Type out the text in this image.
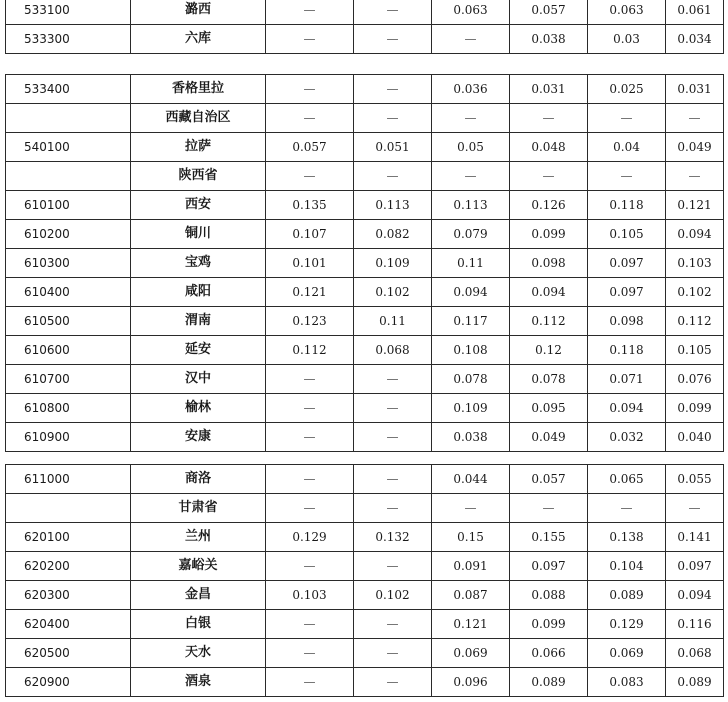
533100	潞西	—	—	0.063	0.057	0.063	0.061
533300	六库	—	—	—	0.038	0.03	0.034
533400	香格里拉	—	—	0.036	0.031	0.025	0.031
	西藏自治区	—	—	—	—	—	—
540100	拉萨	0.057	0.051	0.05	0.048	0.04	0.049
	陕西省	—	—	—	—	—	—
610100	西安	0.135	0.113	0.113	0.126	0.118	0.121
610200	铜川	0.107	0.082	0.079	0.099	0.105	0.094
610300	宝鸡	0.101	0.109	0.11	0.098	0.097	0.103
610400	咸阳	0.121	0.102	0.094	0.094	0.097	0.102
610500	渭南	0.123	0.11	0.117	0.112	0.098	0.112
610600	延安	0.112	0.068	0.108	0.12	0.118	0.105
610700	汉中	—	—	0.078	0.078	0.071	0.076
610800	榆林	—	—	0.109	0.095	0.094	0.099
610900	安康	—	—	0.038	0.049	0.032	0.040
611000	商洛	—	—	0.044	0.057	0.065	0.055
	甘肃省	—	—	—	—	—	—
620100	兰州	0.129	0.132	0.15	0.155	0.138	0.141
620200	嘉峪关	—	—	0.091	0.097	0.104	0.097
620300	金昌	0.103	0.102	0.087	0.088	0.089	0.094
620400	白银	—	—	0.121	0.099	0.129	0.116
620500	天水	—	—	0.069	0.066	0.069	0.068
620900	酒泉	—	—	0.096	0.089	0.083	0.089
